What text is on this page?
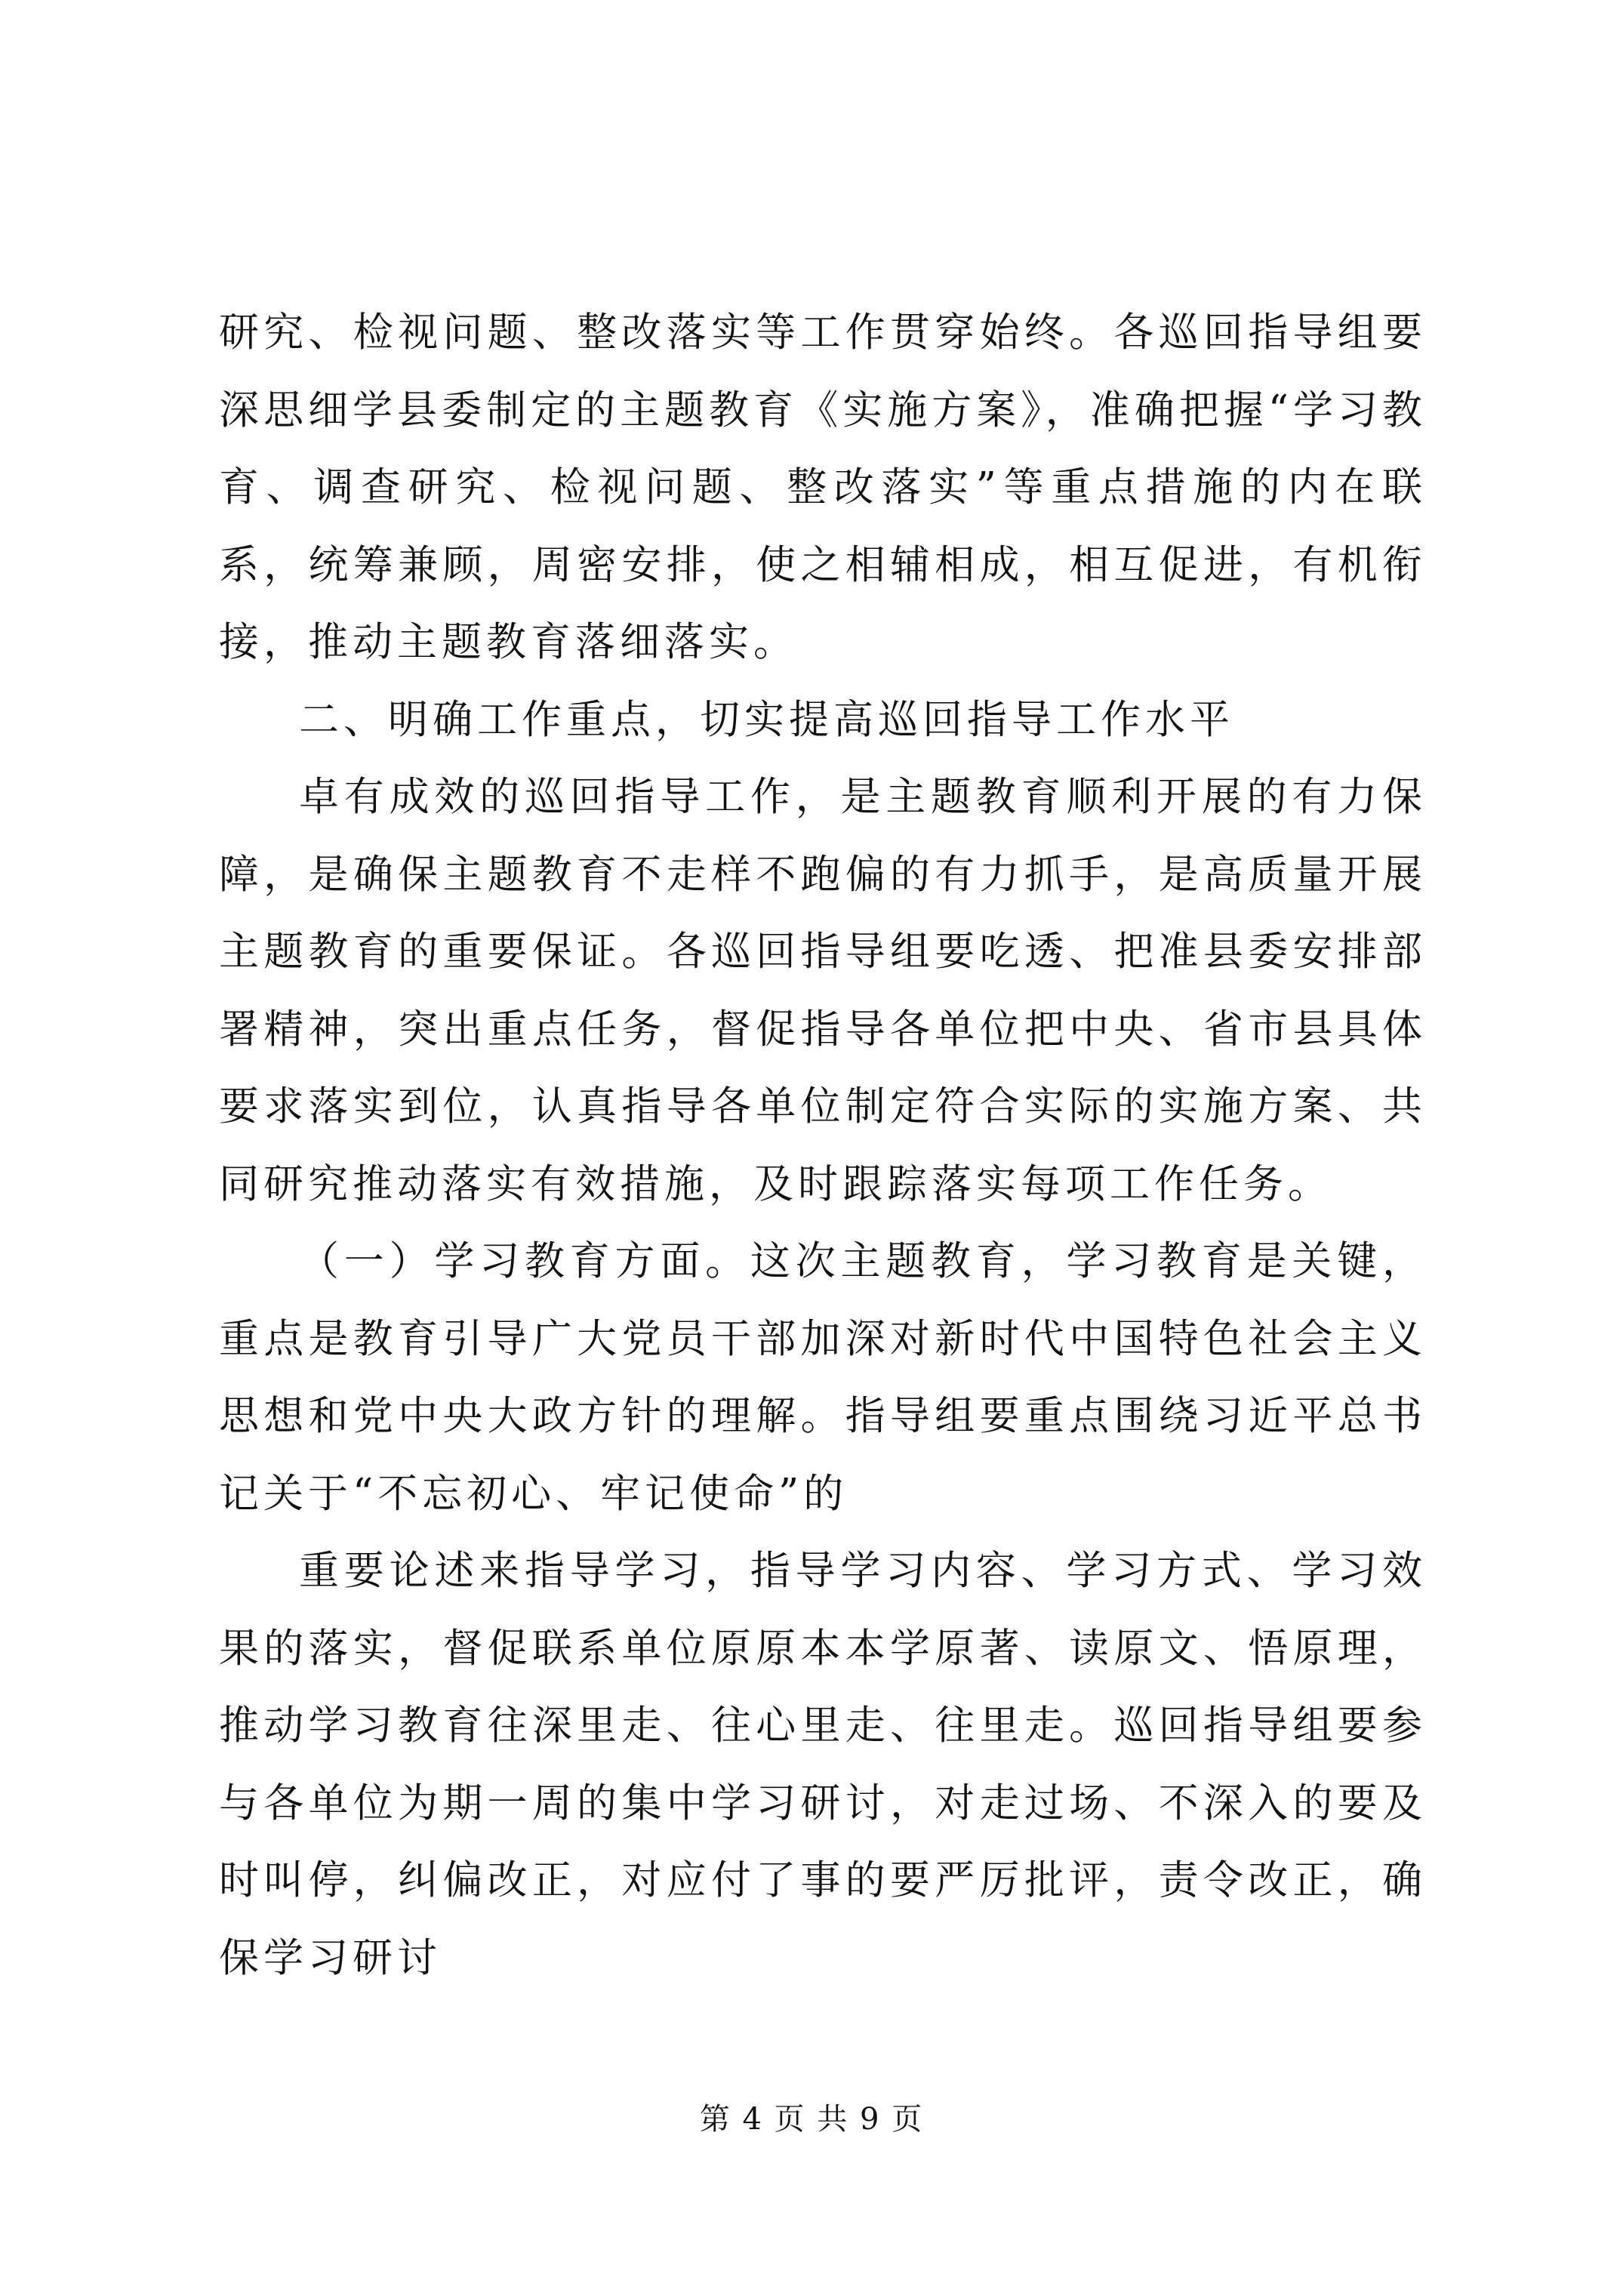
研究、检视问题、整改落实等工作贯穿始终。各巡回指导组要深思细学县委制定的主题教育《实施方案》，准确把握“学习教育、调查研究、检视问题、整改落实”等重点措施的内在联系，统筹兼顾，周密安排，使之相辅相成，相互促进，有机衔接，推动主题教育落细落实。

二、明确工作重点，切实提高巡回指导工作水平

卓有成效的巡回指导工作，是主题教育顺利开展的有力保障，是确保主题教育不走样不跑偏的有力抓手，是高质量开展主题教育的重要保证。各巡回指导组要吃透、把准县委安排部署精神，突出重点任务，督促指导各单位把中央、省市县具体要求落实到位，认真指导各单位制定符合实际的实施方案、共同研究推动落实有效措施，及时跟踪落实每项工作任务。

（一）学习教育方面。这次主题教育，学习教育是关键，重点是教育引导广大党员干部加深对新时代中国特色社会主义思想和党中央大政方针的理解。指导组要重点围绕习近平总书记关于“不忘初心、牢记使命”的

重要论述来指导学习，指导学习内容、学习方式、学习效果的落实，督促联系单位原原本本学原著、读原文、悟原理，推动学习教育往深里走、往心里走、往里走。巡回指导组要参与各单位为期一周的集中学习研讨，对走过场、不深入的要及时叫停，纠偏改正，对应付了事的要严厉批评，责令改正，确保学习研讨

第 4 页 共 9 页
